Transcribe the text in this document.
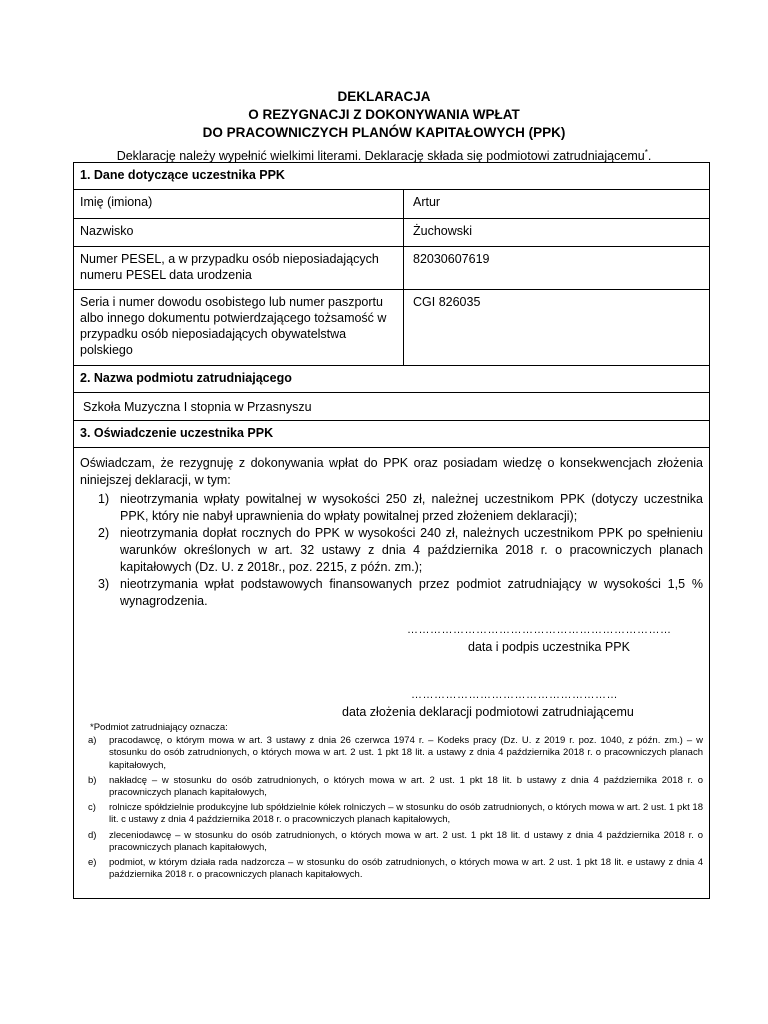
DEKLARACJA
O REZYGNACJI Z DOKONYWANIA WPŁAT
DO PRACOWNICZYCH PLANÓW KAPITAŁOWYCH (PPK)
Deklarację należy wypełnić wielkimi literami. Deklarację składa się podmiotowi zatrudniającemu*.
1. Dane dotyczące uczestnika PPK
Imię (imiona)	Artur
Nazwisko	Żuchowski
Numer PESEL, a w przypadku osób nieposiadających numeru PESEL data urodzenia
82030607619
Seria i numer dowodu osobistego lub numer paszportu albo innego dokumentu potwierdzającego tożsamość w przypadku osób nieposiadających obywatelstwa polskiego
CGI 826035
2. Nazwa podmiotu zatrudniającego
Szkoła Muzyczna I stopnia w Przasnyszu
3. Oświadczenie uczestnika PPK
Oświadczam, że rezygnuję z dokonywania wpłat do PPK oraz posiadam wiedzę o konsekwencjach złożenia niniejszej deklaracji, w tym:
1) nieotrzymania wpłaty powitalnej w wysokości 250 zł, należnej uczestnikom PPK (dotyczy uczestnika PPK, który nie nabył uprawnienia do wpłaty powitalnej przed złożeniem deklaracji);
2) nieotrzymania dopłat rocznych do PPK w wysokości 240 zł, należnych uczestnikom PPK po spełnieniu warunków określonych w art. 32 ustawy z dnia 4 października 2018 r. o pracowniczych planach kapitałowych (Dz. U. z 2018r., poz. 2215, z późn. zm.);
3) nieotrzymania wpłat podstawowych finansowanych przez podmiot zatrudniający w wysokości 1,5 % wynagrodzenia.
……………………………………………………………
data i podpis uczestnika PPK
………………………………………………
data złożenia deklaracji podmiotowi zatrudniającemu
*Podmiot zatrudniający oznacza:
a) pracodawcę, o którym mowa w art. 3 ustawy z dnia 26 czerwca 1974 r. – Kodeks pracy (Dz. U. z 2019 r. poz. 1040, z późn. zm.) – w stosunku do osób zatrudnionych, o których mowa w art. 2 ust. 1 pkt 18 lit. a ustawy z dnia 4 października 2018 r. o pracowniczych planach kapitałowych,
b) nakładcę – w stosunku do osób zatrudnionych, o których mowa w art. 2 ust. 1 pkt 18 lit. b ustawy z dnia 4 października 2018 r. o pracowniczych planach kapitałowych,
c) rolnicze spółdzielnie produkcyjne lub spółdzielnie kółek rolniczych – w stosunku do osób zatrudnionych, o których mowa w art. 2 ust. 1 pkt 18 lit. c ustawy z dnia 4 października 2018 r. o pracowniczych planach kapitałowych,
d) zleceniodawcę – w stosunku do osób zatrudnionych, o których mowa w art. 2 ust. 1 pkt 18 lit. d ustawy z dnia 4 października 2018 r. o pracowniczych planach kapitałowych,
e) podmiot, w którym działa rada nadzorcza – w stosunku do osób zatrudnionych, o których mowa w art. 2 ust. 1 pkt 18 lit. e ustawy z dnia 4 października 2018 r. o pracowniczych planach kapitałowych.
